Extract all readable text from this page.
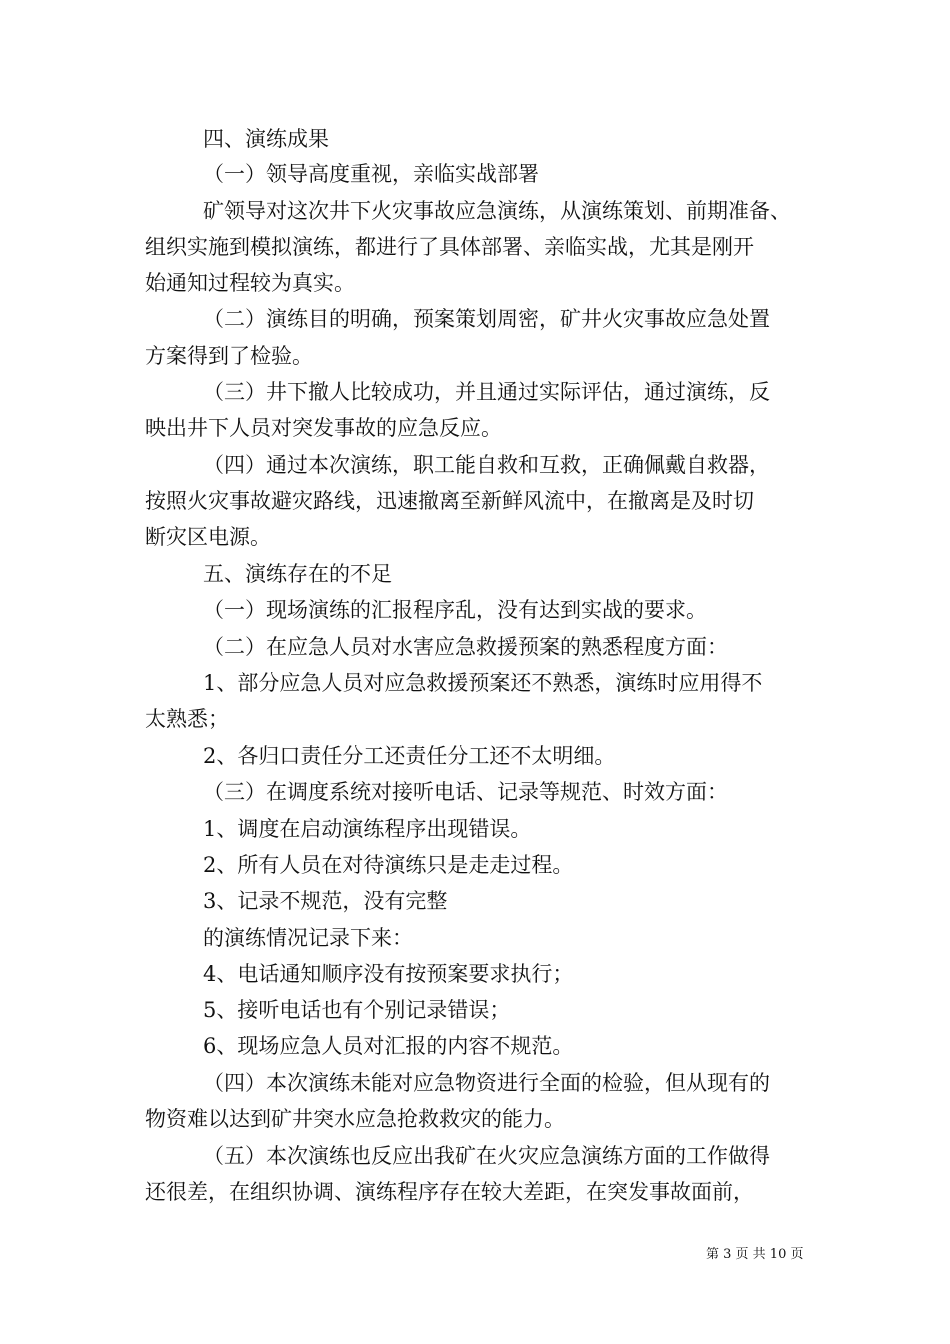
四、演练成果
（一）领导高度重视，亲临实战部署
矿领导对这次井下火灾事故应急演练，从演练策划、前期准备、
组织实施到模拟演练，都进行了具体部署、亲临实战，尤其是刚开
始通知过程较为真实。
（二）演练目的明确，预案策划周密，矿井火灾事故应急处置
方案得到了检验。
（三）井下撤人比较成功，并且通过实际评估，通过演练，反
映出井下人员对突发事故的应急反应。
（四）通过本次演练，职工能自救和互救，正确佩戴自救器，
按照火灾事故避灾路线，迅速撤离至新鲜风流中，在撤离是及时切
断灾区电源。
五、演练存在的不足
（一）现场演练的汇报程序乱，没有达到实战的要求。
（二）在应急人员对水害应急救援预案的熟悉程度方面：
1、部分应急人员对应急救援预案还不熟悉，演练时应用得不
太熟悉；
2、各归口责任分工还责任分工还不太明细。
（三）在调度系统对接听电话、记录等规范、时效方面：
1、调度在启动演练程序出现错误。
2、所有人员在对待演练只是走走过程。
3、记录不规范，没有完整
的演练情况记录下来：
4、电话通知顺序没有按预案要求执行；
5、接听电话也有个别记录错误；
6、现场应急人员对汇报的内容不规范。
（四）本次演练未能对应急物资进行全面的检验，但从现有的
物资难以达到矿井突水应急抢救救灾的能力。
（五）本次演练也反应出我矿在火灾应急演练方面的工作做得
还很差，在组织协调、演练程序存在较大差距，在突发事故面前，
第 3 页 共 10 页
